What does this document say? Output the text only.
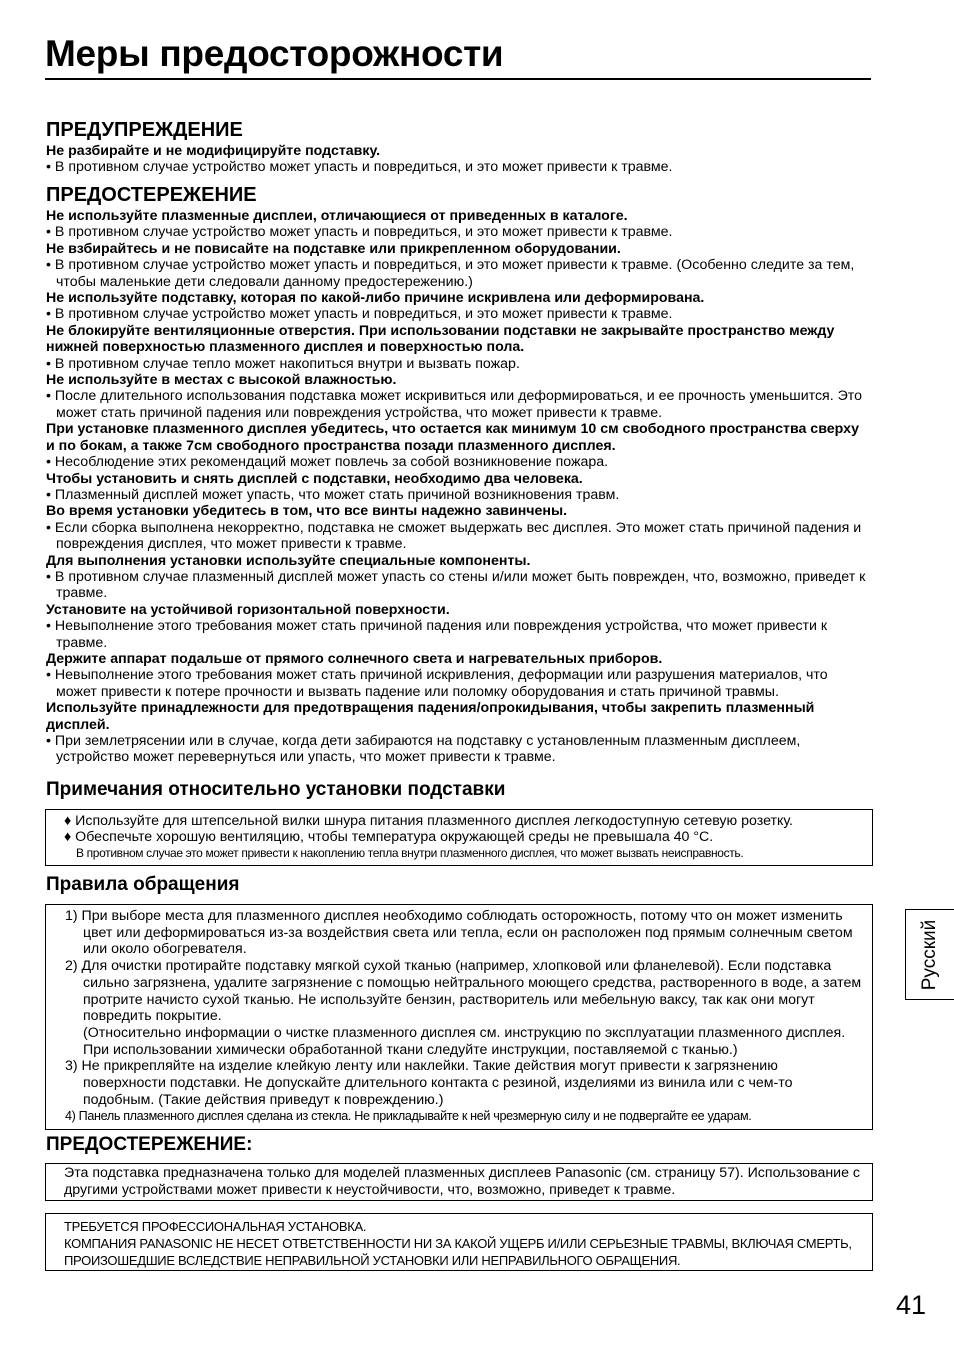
Меры предосторожности
ПРЕДУПРЕЖДЕНИЕ

Не разбирайте и не модифицируйте подставку.

• В противном случае устройство может упасть и повредиться, и это может привести к травме.

ПРЕДОСТЕРЕЖЕНИЕ

Не используйте плазменные дисплеи, отличающиеся от приведенных в каталоге.

• В противном случае устройство может упасть и повредиться, и это может привести к травме.

Не взбирайтесь и не повисайте на подставке или прикрепленном оборудовании.

• В противном случае устройство может упасть и повредиться, и это может привести к травме. (Особенно следите за тем, чтобы маленькие дети следовали данному предостережению.)

Не используйте подставку, которая по какой-либо причине искривлена или деформирована.

• В противном случае устройство может упасть и повредиться, и это может привести к травме.

Не блокируйте вентиляционные отверстия. При использовании подставки не закрывайте пространство между нижней поверхностью плазменного дисплея и поверхностью пола.

• В противном случае тепло может накопиться внутри и вызвать пожар.

Не используйте в местах с высокой влажностью.

• После длительного использования подставка может искривиться или деформироваться, и ее прочность уменьшится. Это может стать причиной падения или повреждения устройства, что может привести к травме.

При установке плазменного дисплея убедитесь, что остается как минимум 10 см свободного пространства сверху и по бокам, а также 7см свободного пространства позади плазменного дисплея.

• Несоблюдение этих рекомендаций может повлечь за собой возникновение пожара.

Чтобы установить и снять дисплей с подставки, необходимо два человека.

• Плазменный дисплей может упасть, что может стать причиной возникновения травм.

Во время установки убедитесь в том, что все винты надежно завинчены.

• Если сборка выполнена некорректно, подставка не сможет выдержать вес дисплея. Это может стать причиной падения и повреждения дисплея, что может привести к травме.

Для выполнения установки используйте специальные компоненты.

• В противном случае плазменный дисплей может упасть со стены и/или может быть поврежден, что, возможно, приведет к травме.

Установите на устойчивой горизонтальной поверхности.

• Невыполнение этого требования может стать причиной падения или повреждения устройства, что может привести к травме.

Держите аппарат подальше от прямого солнечного света и нагревательных приборов.

• Невыполнение этого требования может стать причиной искривления, деформации или разрушения материалов, что может привести к потере прочности и вызвать падение или поломку оборудования и стать причиной травмы.

Используйте принадлежности для предотвращения падения/опрокидывания, чтобы закрепить плазменный дисплей.

• При землетрясении или в случае, когда дети забираются на подставку с установленным плазменным дисплеем, устройство может перевернуться или упасть, что может привести к травме.

Примечания относительно установки подставки
♦ Используйте для штепсельной вилки шнура питания плазменного дисплея легкодоступную сетевую розетку.
♦ Обеспечьте хорошую вентиляцию, чтобы температура окружающей среды не превышала 40 °C.
В противном случае это может привести к накоплению тепла внутри плазменного дисплея, что может вызвать неисправность.
Правила обращения
1) При выборе места для плазменного дисплея необходимо соблюдать осторожность, потому что он может изменить цвет или деформироваться из-за воздействия света или тепла, если он расположен под прямым солнечным светом или около обогревателя.
2) Для очистки протирайте подставку мягкой сухой тканью (например, хлопковой или фланелевой). Если подставка сильно загрязнена, удалите загрязнение с помощью нейтрального моющего средства, растворенного в воде, а затем протрите начисто сухой тканью. Не используйте бензин, растворитель или мебельную ваксу, так как они могут повредить покрытие.
(Относительно информации о чистке плазменного дисплея см. инструкцию по эксплуатации плазменного дисплея. При использовании химически обработанной ткани следуйте инструкции, поставляемой с тканью.)
3) Не прикрепляйте на изделие клейкую ленту или наклейки. Такие действия могут привести к загрязнению поверхности подставки. Не допускайте длительного контакта с резиной, изделиями из винила или с чем-то подобным. (Такие действия приведут к повреждению.)
4) Панель плазменного дисплея сделана из стекла. Не прикладывайте к ней чрезмерную силу и не подвергайте ее ударам.
ПРЕДОСТЕРЕЖЕНИЕ:
Эта подставка предназначена только для моделей плазменных дисплеев Panasonic (см. страницу 57). Использование с другими устройствами может привести к неустойчивости, что, возможно, приведет к травме.
ТРЕБУЕТСЯ ПРОФЕССИОНАЛЬНАЯ УСТАНОВКА.
КОМПАНИЯ PANASONIC НЕ НЕСЕТ ОТВЕТСТВЕННОСТИ НИ ЗА КАКОЙ УЩЕРБ И/ИЛИ СЕРЬЕЗНЫЕ ТРАВМЫ, ВКЛЮЧАЯ СМЕРТЬ, ПРОИЗОШЕДШИЕ ВСЛЕДСТВИЕ НЕПРАВИЛЬНОЙ УСТАНОВКИ ИЛИ НЕПРАВИЛЬНОГО ОБРАЩЕНИЯ.
Русский
41
